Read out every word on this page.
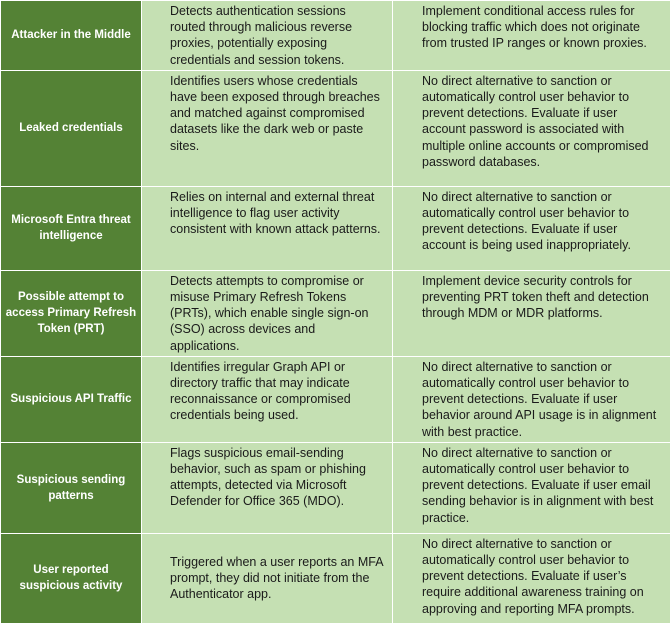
Attacker in the Middle	Detects authentication sessions routed through malicious reverse proxies, potentially exposing credentials and session tokens.	Implement conditional access rules for blocking traffic which does not originate from trusted IP ranges or known proxies.
Leaked credentials	Identifies users whose credentials have been exposed through breaches and matched against compromised datasets like the dark web or paste sites.	No direct alternative to sanction or automatically control user behavior to prevent detections. Evaluate if user account password is associated with multiple online accounts or compromised password databases.
Microsoft Entra threat intelligence	Relies on internal and external threat intelligence to flag user activity consistent with known attack patterns.	No direct alternative to sanction or automatically control user behavior to prevent detections. Evaluate if user account is being used inappropriately.
Possible attempt to access Primary Refresh Token (PRT)	Detects attempts to compromise or misuse Primary Refresh Tokens (PRTs), which enable single sign-on (SSO) across devices and applications.	Implement device security controls for preventing PRT token theft and detection through MDM or MDR platforms.
Suspicious API Traffic	Identifies irregular Graph API or directory traffic that may indicate reconnaissance or compromised credentials being used.	No direct alternative to sanction or automatically control user behavior to prevent detections. Evaluate if user behavior around API usage is in alignment with best practice.
Suspicious sending patterns	Flags suspicious email-sending behavior, such as spam or phishing attempts, detected via Microsoft Defender for Office 365 (MDO).	No direct alternative to sanction or automatically control user behavior to prevent detections. Evaluate if user email sending behavior is in alignment with best practice.
User reported suspicious activity	Triggered when a user reports an MFA prompt, they did not initiate from the Authenticator app.	No direct alternative to sanction or automatically control user behavior to prevent detections. Evaluate if user’s require additional awareness training on approving and reporting MFA prompts.
